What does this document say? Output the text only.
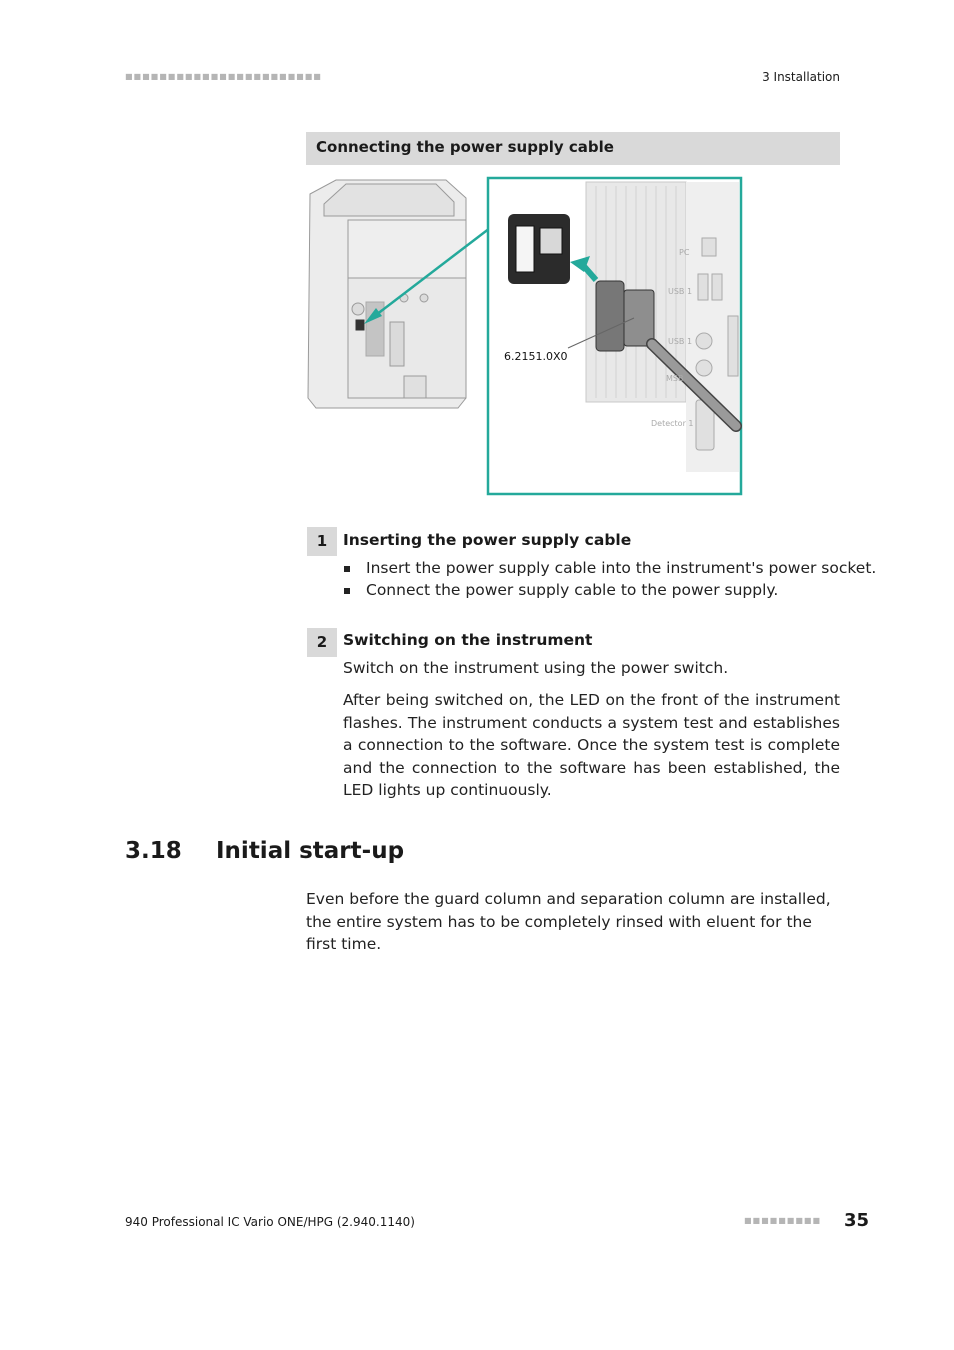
■■■■■■■■■■■■■■■■■■■■■■■	3 Installation
Connecting the power supply cable
6.2151.0X0
PC
USB 1
USB 1
MSB
Detector 1
1	Inserting the power supply cable
Insert the power supply cable into the instrument's power socket.
Connect the power supply cable to the power supply.
2	Switching on the instrument
Switch on the instrument using the power switch.
After being switched on, the LED on the front of the instrument flashes. The instrument conducts a system test and establishes a connection to the software. Once the system test is complete and the connection to the software has been established, the LED lights up continuously.
3.18 Initial start-up
Even before the guard column and separation column are installed, the entire system has to be completely rinsed with eluent for the first time.
940 Professional IC Vario ONE/HPG (2.940.1140)	■■■■■■■■■ 35
